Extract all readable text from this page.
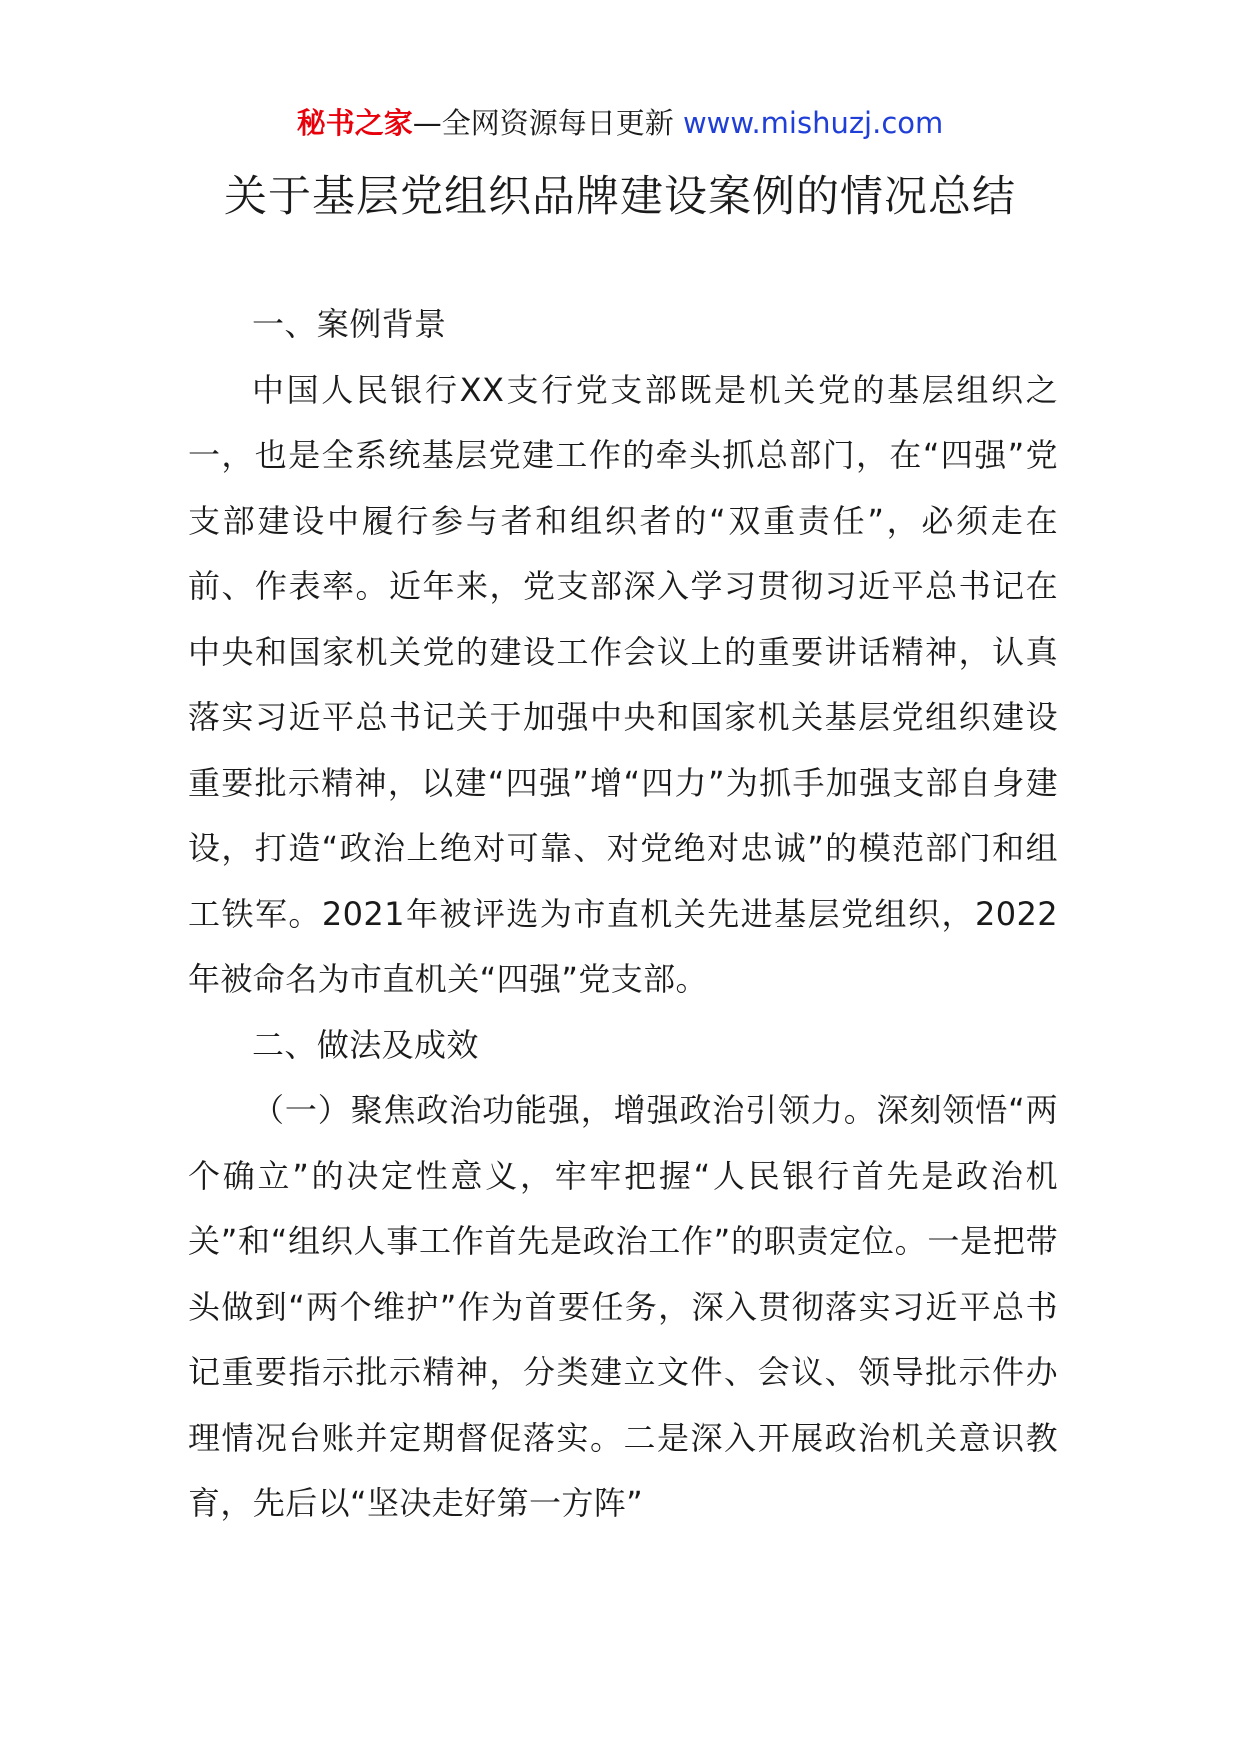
秘书之家—全网资源每日更新 www.mishuzj.com
关于基层党组织品牌建设案例的情况总结

一、案例背景

中国人民银行XX支行党支部既是机关党的基层组织之一，也是全系统基层党建工作的牵头抓总部门，在“四强”党支部建设中履行参与者和组织者的“双重责任”，必须走在前、作表率。近年来，党支部深入学习贯彻习近平总书记在中央和国家机关党的建设工作会议上的重要讲话精神，认真落实习近平总书记关于加强中央和国家机关基层党组织建设重要批示精神，以建“四强”增“四力”为抓手加强支部自身建设，打造“政治上绝对可靠、对党绝对忠诚”的模范部门和组工铁军。2021年被评选为市直机关先进基层党组织，2022年被命名为市直机关“四强”党支部。

二、做法及成效

（一）聚焦政治功能强，增强政治引领力。深刻领悟“两个确立”的决定性意义，牢牢把握“人民银行首先是政治机关”和“组织人事工作首先是政治工作”的职责定位。一是把带头做到“两个维护”作为首要任务，深入贯彻落实习近平总书记重要指示批示精神，分类建立文件、会议、领导批示件办理情况台账并定期督促落实。二是深入开展政治机关意识教育，先后以“坚决走好第一方阵”
